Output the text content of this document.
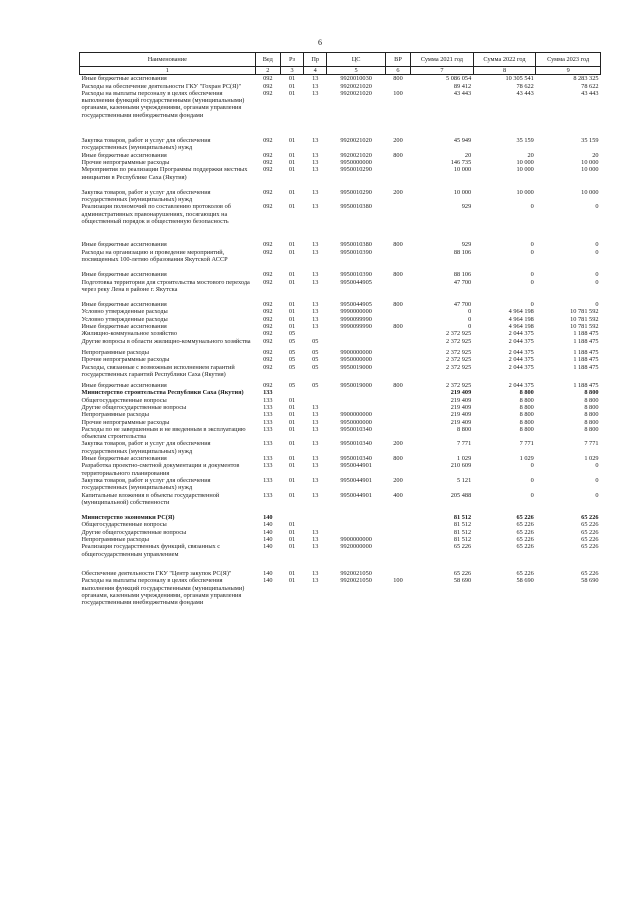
6
Наименование	Вед	Рз	Пр	ЦС	ВР	Сумма 2021 год	Сумма 2022 год	Сумма 2023 год
1	2	3	4	5	6	7	8	9
Иные бюджетные ассигнования	092	01	13	9920010030	800	5 086 054	10 305 541	8 283 325
Расходы на обеспечение деятельности ГКУ "Гохран РС(Я)"	092	01	13	9920021020		89 412	78 622	78 622
Расходы на выплаты персоналу в целях обеспечения выполнения функций государственными (муниципальными) органами, казенными учреждениями, органами управления государственными внебюджетными фондами	092	01	13	9920021020	100	43 443	43 443	43 443

Закупка товаров, работ и услуг для обеспечения государственных (муниципальных) нужд	092	01	13	9920021020	200	45 949	35 159	35 159
Иные бюджетные ассигнования	092	01	13	9920021020	800	20	20	20
Прочие непрограммные расходы	092	01	13	9950000000		146 735	10 000	10 000
Мероприятия по реализации Программы поддержки местных инициатив в Республике Саха (Якутия)	092	01	13	9950010290		10 000	10 000	10 000

Закупка товаров, работ и услуг для обеспечения государственных (муниципальных) нужд	092	01	13	9950010290	200	10 000	10 000	10 000
Реализация полномочий по составлению протоколов об административных правонарушениях, посягающих на общественный порядок и общественную безопасность	092	01	13	9950010380		929	0	0

Иные бюджетные ассигнования	092	01	13	9950010380	800	929	0	0
Расходы на организацию и проведение мероприятий, посвященных 100-летию образования Якутской АССР	092	01	13	9950010390		88 106	0	0

Иные бюджетные ассигнования	092	01	13	9950010390	800	88 106	0	0
Подготовка территории для строительства мостового перехода через реку Лена в районе г. Якутска	092	01	13	9950044905		47 700	0	0

Иные бюджетные ассигнования	092	01	13	9950044905	800	47 700	0	0
Условно утвержденные расходы	092	01	13	9990000000		0	4 964 198	10 781 592
Условно утвержденные расходы	092	01	13	9990099990		0	4 964 198	10 781 592
Иные бюджетные ассигнования	092	01	13	9990099990	800	0	4 964 198	10 781 592
Жилищно-коммунальное хозяйство	092	05				2 372 925	2 044 375	1 188 475
Другие вопросы в области жилищно-коммунального хозяйства	092	05	05			2 372 925	2 044 375	1 188 475

Непрограммные расходы	092	05	05	9900000000		2 372 925	2 044 375	1 188 475
Прочие непрограммные расходы	092	05	05	9950000000		2 372 925	2 044 375	1 188 475
Расходы, связанные с возможным исполнением гарантий государственных гарантий Республики Саха (Якутия)	092	05	05	9950019000		2 372 925	2 044 375	1 188 475

Иные бюджетные ассигнования	092	05	05	9950019000	800	2 372 925	2 044 375	1 188 475
Министерство строительства Республики Саха (Якутия)	133					219 409	8 800	8 800
Общегосударственные вопросы	133	01				219 409	8 800	8 800
Другие общегосударственные вопросы	133	01	13			219 409	8 800	8 800
Непрограммные расходы	133	01	13	9900000000		219 409	8 800	8 800
Прочие непрограммные расходы	133	01	13	9950000000		219 409	8 800	8 800
Расходы по не завершенным и не введенным в эксплуатацию объектам строительства	133	01	13	9950010340		8 800	8 800	8 800
Закупка товаров, работ и услуг для обеспечения государственных (муниципальных) нужд	133	01	13	9950010340	200	7 771	7 771	7 771
Иные бюджетные ассигнования	133	01	13	9950010340	800	1 029	1 029	1 029
Разработка проектно-сметной документации и документов территориального планирования	133	01	13	9950044901		210 609	0	0
Закупка товаров, работ и услуг для обеспечения государственных (муниципальных) нужд	133	01	13	9950044901	200	5 121	0	0
Капитальные вложения в объекты государственной (муниципальной) собственности	133	01	13	9950044901	400	205 488	0	0

Министерство экономики РС(Я)	140					81 512	65 226	65 226
Общегосударственные вопросы	140	01				81 512	65 226	65 226
Другие общегосударственные вопросы	140	01	13			81 512	65 226	65 226
Непрограммные расходы	140	01	13	9900000000		81 512	65 226	65 226
Реализация государственных функций, связанных с общегосударственным управлением	140	01	13	9920000000		65 226	65 226	65 226

Обеспечение деятельности ГКУ "Центр закупок РС(Я)"	140	01	13	9920021050		65 226	65 226	65 226
Расходы на выплаты персоналу в целях обеспечения выполнения функций государственными (муниципальными) органами, казенными учреждениями, органами управления государственными внебюджетными фондами	140	01	13	9920021050	100	58 690	58 690	58 690
